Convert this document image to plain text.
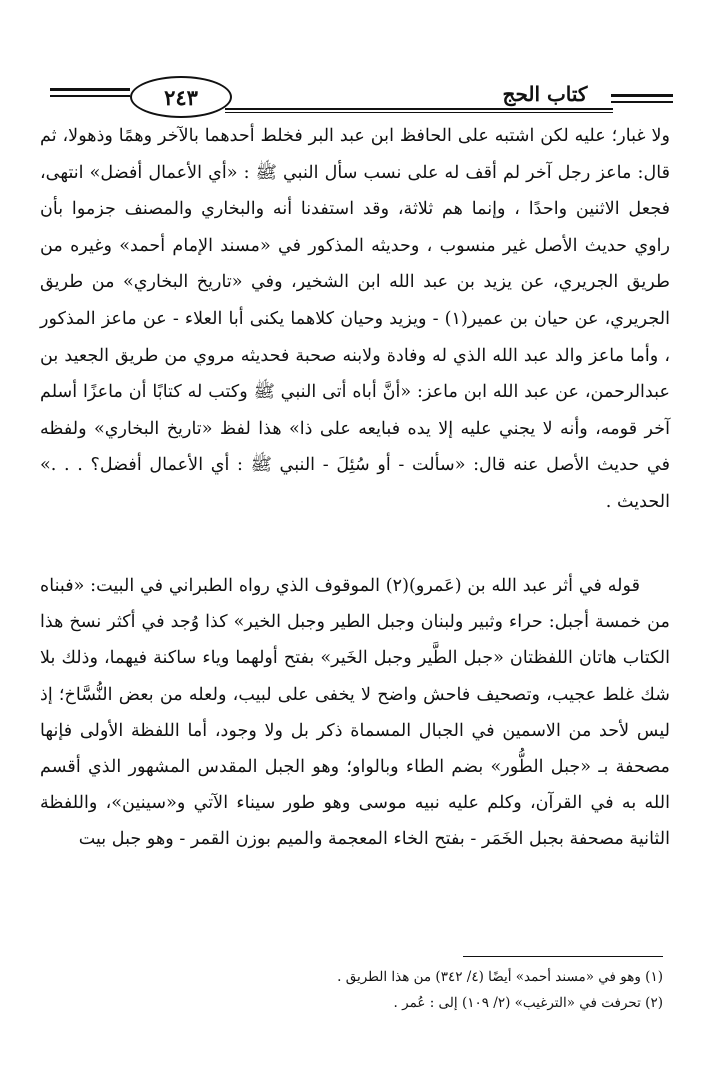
٢٤٣	كتاب الحج

ولا غبار؛ عليه لكن اشتبه على الحافظ ابن عبد البر فخلط أحدهما بالآخر وهمًا وذهولا، ثم قال: ماعز رجل آخر لم أقف له على نسب سأل النبي ﷺ : «أي الأعمال أفضل» انتهى، فجعل الاثنين واحدًا ، وإنما هم ثلاثة، وقد استفدنا أنه والبخاري والمصنف جزموا بأن راوي حديث الأصل غير منسوب ، وحديثه المذكور في «مسند الإمام أحمد» وغيره من طريق الجريري، عن يزيد بن عبد الله ابن الشخير، وفي «تاريخ البخاري» من طريق الجريري، عن حيان بن عمير(١) - ويزيد وحيان كلاهما يكنى أبا العلاء - عن ماعز المذكور ، وأما ماعز والد عبد الله الذي له وفادة ولابنه صحبة فحديثه مروي من طريق الجعيد بن عبدالرحمن، عن عبد الله ابن ماعز: «أنَّ أباه أتى النبي ﷺ وكتب له كتابًا أن ماعزًا أسلم آخر قومه، وأنه لا يجني عليه إلا يده فبايعه على ذا» هذا لفظ «تاريخ البخاري» ولفظه في حديث الأصل عنه قال: «سألت - أو سُئِلَ - النبي ﷺ : أي الأعمال أفضل؟ . . .» الحديث .

قوله في أثر عبد الله بن (عَمرو)(٢) الموقوف الذي رواه الطبراني في البيت: «فبناه من خمسة أجبل: حراء وثبير ولبنان وجبل الطير وجبل الخير» كذا وُجد في أكثر نسخ هذا الكتاب هاتان اللفظتان «جبل الطَّير وجبل الخَير» بفتح أولهما وياء ساكنة فيهما، وذلك بلا شك غلط عجيب، وتصحيف فاحش واضح لا يخفى على لبيب، ولعله من بعض النُّسَّاخ؛ إذ ليس لأحد من الاسمين في الجبال المسماة ذكر بل ولا وجود، أما اللفظة الأولى فإنها مصحفة بـ «جبل الطُّور» بضم الطاء وبالواو؛ وهو الجبل المقدس المشهور الذي أقسم الله به في القرآن، وكلم عليه نبيه موسى وهو طور سيناء الآتي و«سينين»، واللفظة الثانية مصحفة بجبل الخَمَر - بفتح الخاء المعجمة والميم بوزن القمر - وهو جبل بيت

(١) وهو في «مسند أحمد» أيضًا (٤/ ٣٤٢) من هذا الطريق .
(٢) تحرفت في «الترغيب» (٢/ ١٠٩) إلى : عُمر .
